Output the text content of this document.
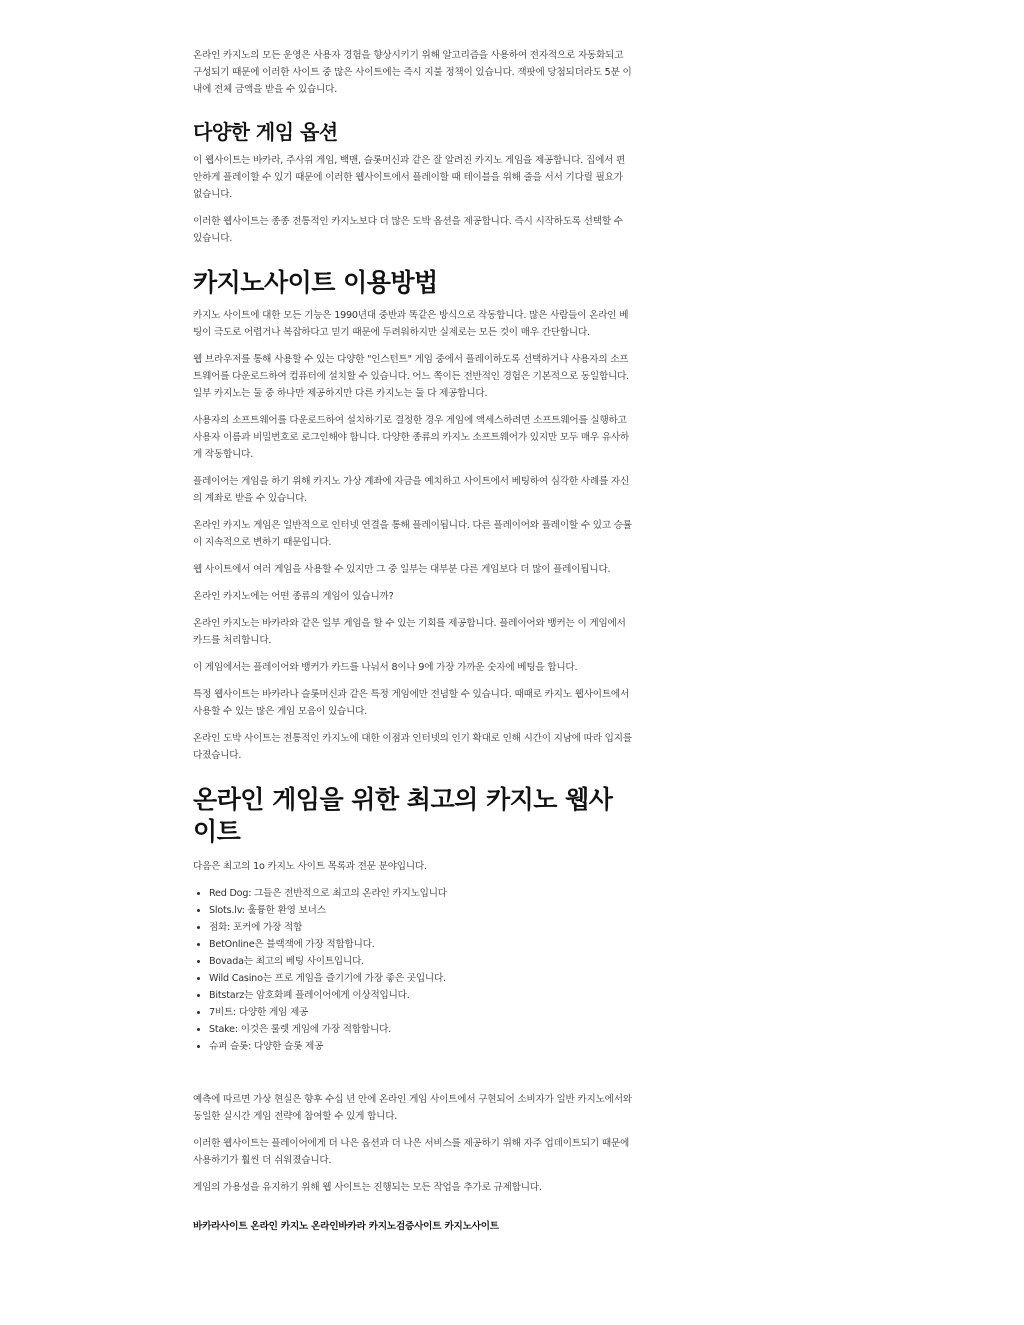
온라인 카지노의 모든 운영은 사용자 경험을 향상시키기 위해 알고리즘을 사용하여 전자적으로 자동화되고 구성되기 때문에 이러한 사이트 중 많은 사이트에는 즉시 지불 정책이 있습니다. 잭팟에 당첨되더라도 5분 이내에 전체 금액을 받을 수 있습니다.

다양한 게임 옵션

이 웹사이트는 바카라, 주사위 게임, 백맨, 슬롯머신과 같은 잘 알려진 카지노 게임을 제공합니다. 집에서 편안하게 플레이할 수 있기 때문에 이러한 웹사이트에서 플레이할 때 테이블을 위해 줄을 서서 기다릴 필요가 없습니다.

이러한 웹사이트는 종종 전통적인 카지노보다 더 많은 도박 옵션을 제공합니다. 즉시 시작하도록 선택할 수 있습니다.

카지노사이트 이용방법

카지노 사이트에 대한 모든 기능은 1990년대 중반과 똑같은 방식으로 작동합니다. 많은 사람들이 온라인 베팅이 극도로 어렵거나 복잡하다고 믿기 때문에 두려워하지만 실제로는 모든 것이 매우 간단합니다.

웹 브라우저를 통해 사용할 수 있는 다양한 "인스턴트" 게임 중에서 플레이하도록 선택하거나 사용자의 소프트웨어를 다운로드하여 컴퓨터에 설치할 수 있습니다. 어느 쪽이든 전반적인 경험은 기본적으로 동일합니다. 일부 카지노는 둘 중 하나만 제공하지만 다른 카지노는 둘 다 제공합니다.

사용자의 소프트웨어를 다운로드하여 설치하기로 결정한 경우 게임에 액세스하려면 소프트웨어를 실행하고 사용자 이름과 비밀번호로 로그인해야 합니다. 다양한 종류의 카지노 소프트웨어가 있지만 모두 매우 유사하게 작동합니다.

플레이어는 게임을 하기 위해 카지노 가상 계좌에 자금을 예치하고 사이트에서 베팅하여 심각한 사례를 자신의 계좌로 받을 수 있습니다.

온라인 카지노 게임은 일반적으로 인터넷 연결을 통해 플레이됩니다. 다른 플레이어와 플레이할 수 있고 승률이 지속적으로 변하기 때문입니다.

웹 사이트에서 여러 게임을 사용할 수 있지만 그 중 일부는 대부분 다른 게임보다 더 많이 플레이됩니다.

온라인 카지노에는 어떤 종류의 게임이 있습니까?

온라인 카지노는 바카라와 같은 일부 게임을 할 수 있는 기회를 제공합니다. 플레이어와 뱅커는 이 게임에서 카드를 처리합니다.

이 게임에서는 플레이어와 뱅커가 카드를 나눠서 8이나 9에 가장 가까운 숫자에 베팅을 합니다.

특정 웹사이트는 바카라나 슬롯머신과 같은 특정 게임에만 전념할 수 있습니다. 때때로 카지노 웹사이트에서 사용할 수 있는 많은 게임 모음이 있습니다.

온라인 도박 사이트는 전통적인 카지노에 대한 이점과 인터넷의 인기 확대로 인해 시간이 지남에 따라 입지를 다졌습니다.

온라인 게임을 위한 최고의 카지노 웹사이트

다음은 최고의 1o 카지노 사이트 목록과 전문 분야입니다.

• Red Dog: 그들은 전반적으로 최고의 온라인 카지노입니다
• Slots.lv: 훌륭한 환영 보너스
• 점화: 포커에 가장 적합
• BetOnline은 블랙잭에 가장 적합합니다.
• Bovada는 최고의 베팅 사이트입니다.
• Wild Casino는 프로 게임을 즐기기에 가장 좋은 곳입니다.
• Bitstarz는 암호화폐 플레이어에게 이상적입니다.
• 7비트: 다양한 게임 제공
• Stake: 이것은 룰렛 게임에 가장 적합합니다.
• 슈퍼 슬롯: 다양한 슬롯 제공

예측에 따르면 가상 현실은 향후 수십 년 안에 온라인 게임 사이트에서 구현되어 소비자가 일반 카지노에서와 동일한 실시간 게임 전략에 참여할 수 있게 합니다.

이러한 웹사이트는 플레이어에게 더 나은 옵션과 더 나은 서비스를 제공하기 위해 자주 업데이트되기 때문에 사용하기가 훨씬 더 쉬워졌습니다.

게임의 가용성을 유지하기 위해 웹 사이트는 진행되는 모든 작업을 추가로 규제합니다.

바카라사이트 온라인 카지노 온라인바카라 카지노검증사이트 카지노사이트
